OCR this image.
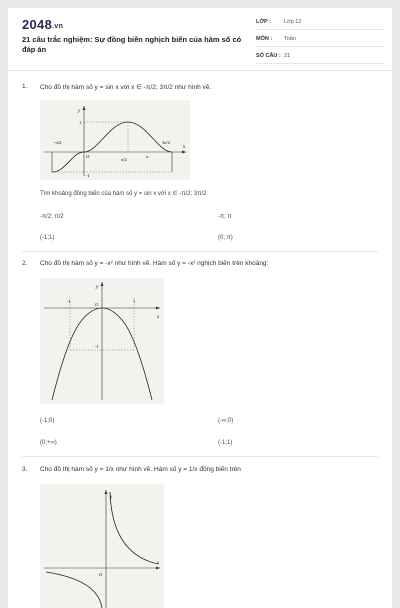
2048.vn
21 câu trắc nghiệm: Sự đồng biến nghịch biến của hàm số có đáp án
LỚP : Lớp 12
MÔN : Toán
SỐ CÂU : 21
1. Cho đồ thị hàm số y = sin x với x ∈ -π/2; 3π/2 như hình vẽ.
y
x
1
-1
O
-π/2
π/2
π
3π/2
Tìm khoảng đồng biến của hàm số y = sin x với x ∈ -π/2; 3π/2
-π/2; π/2	-π; π
(-1;1)	(0; π)
2. Cho đồ thị hàm số y = -x² như hình vẽ. Hàm số y = -x² nghịch biến trên khoảng:
y
x
-1	1
-1
O
(-1;0)	(-∞;0)
(0;+∞)	(-1;1)
3. Cho đồ thị hàm số y = 1/x như hình vẽ. Hàm số y = 1/x đồng biến trên
y
x
O
